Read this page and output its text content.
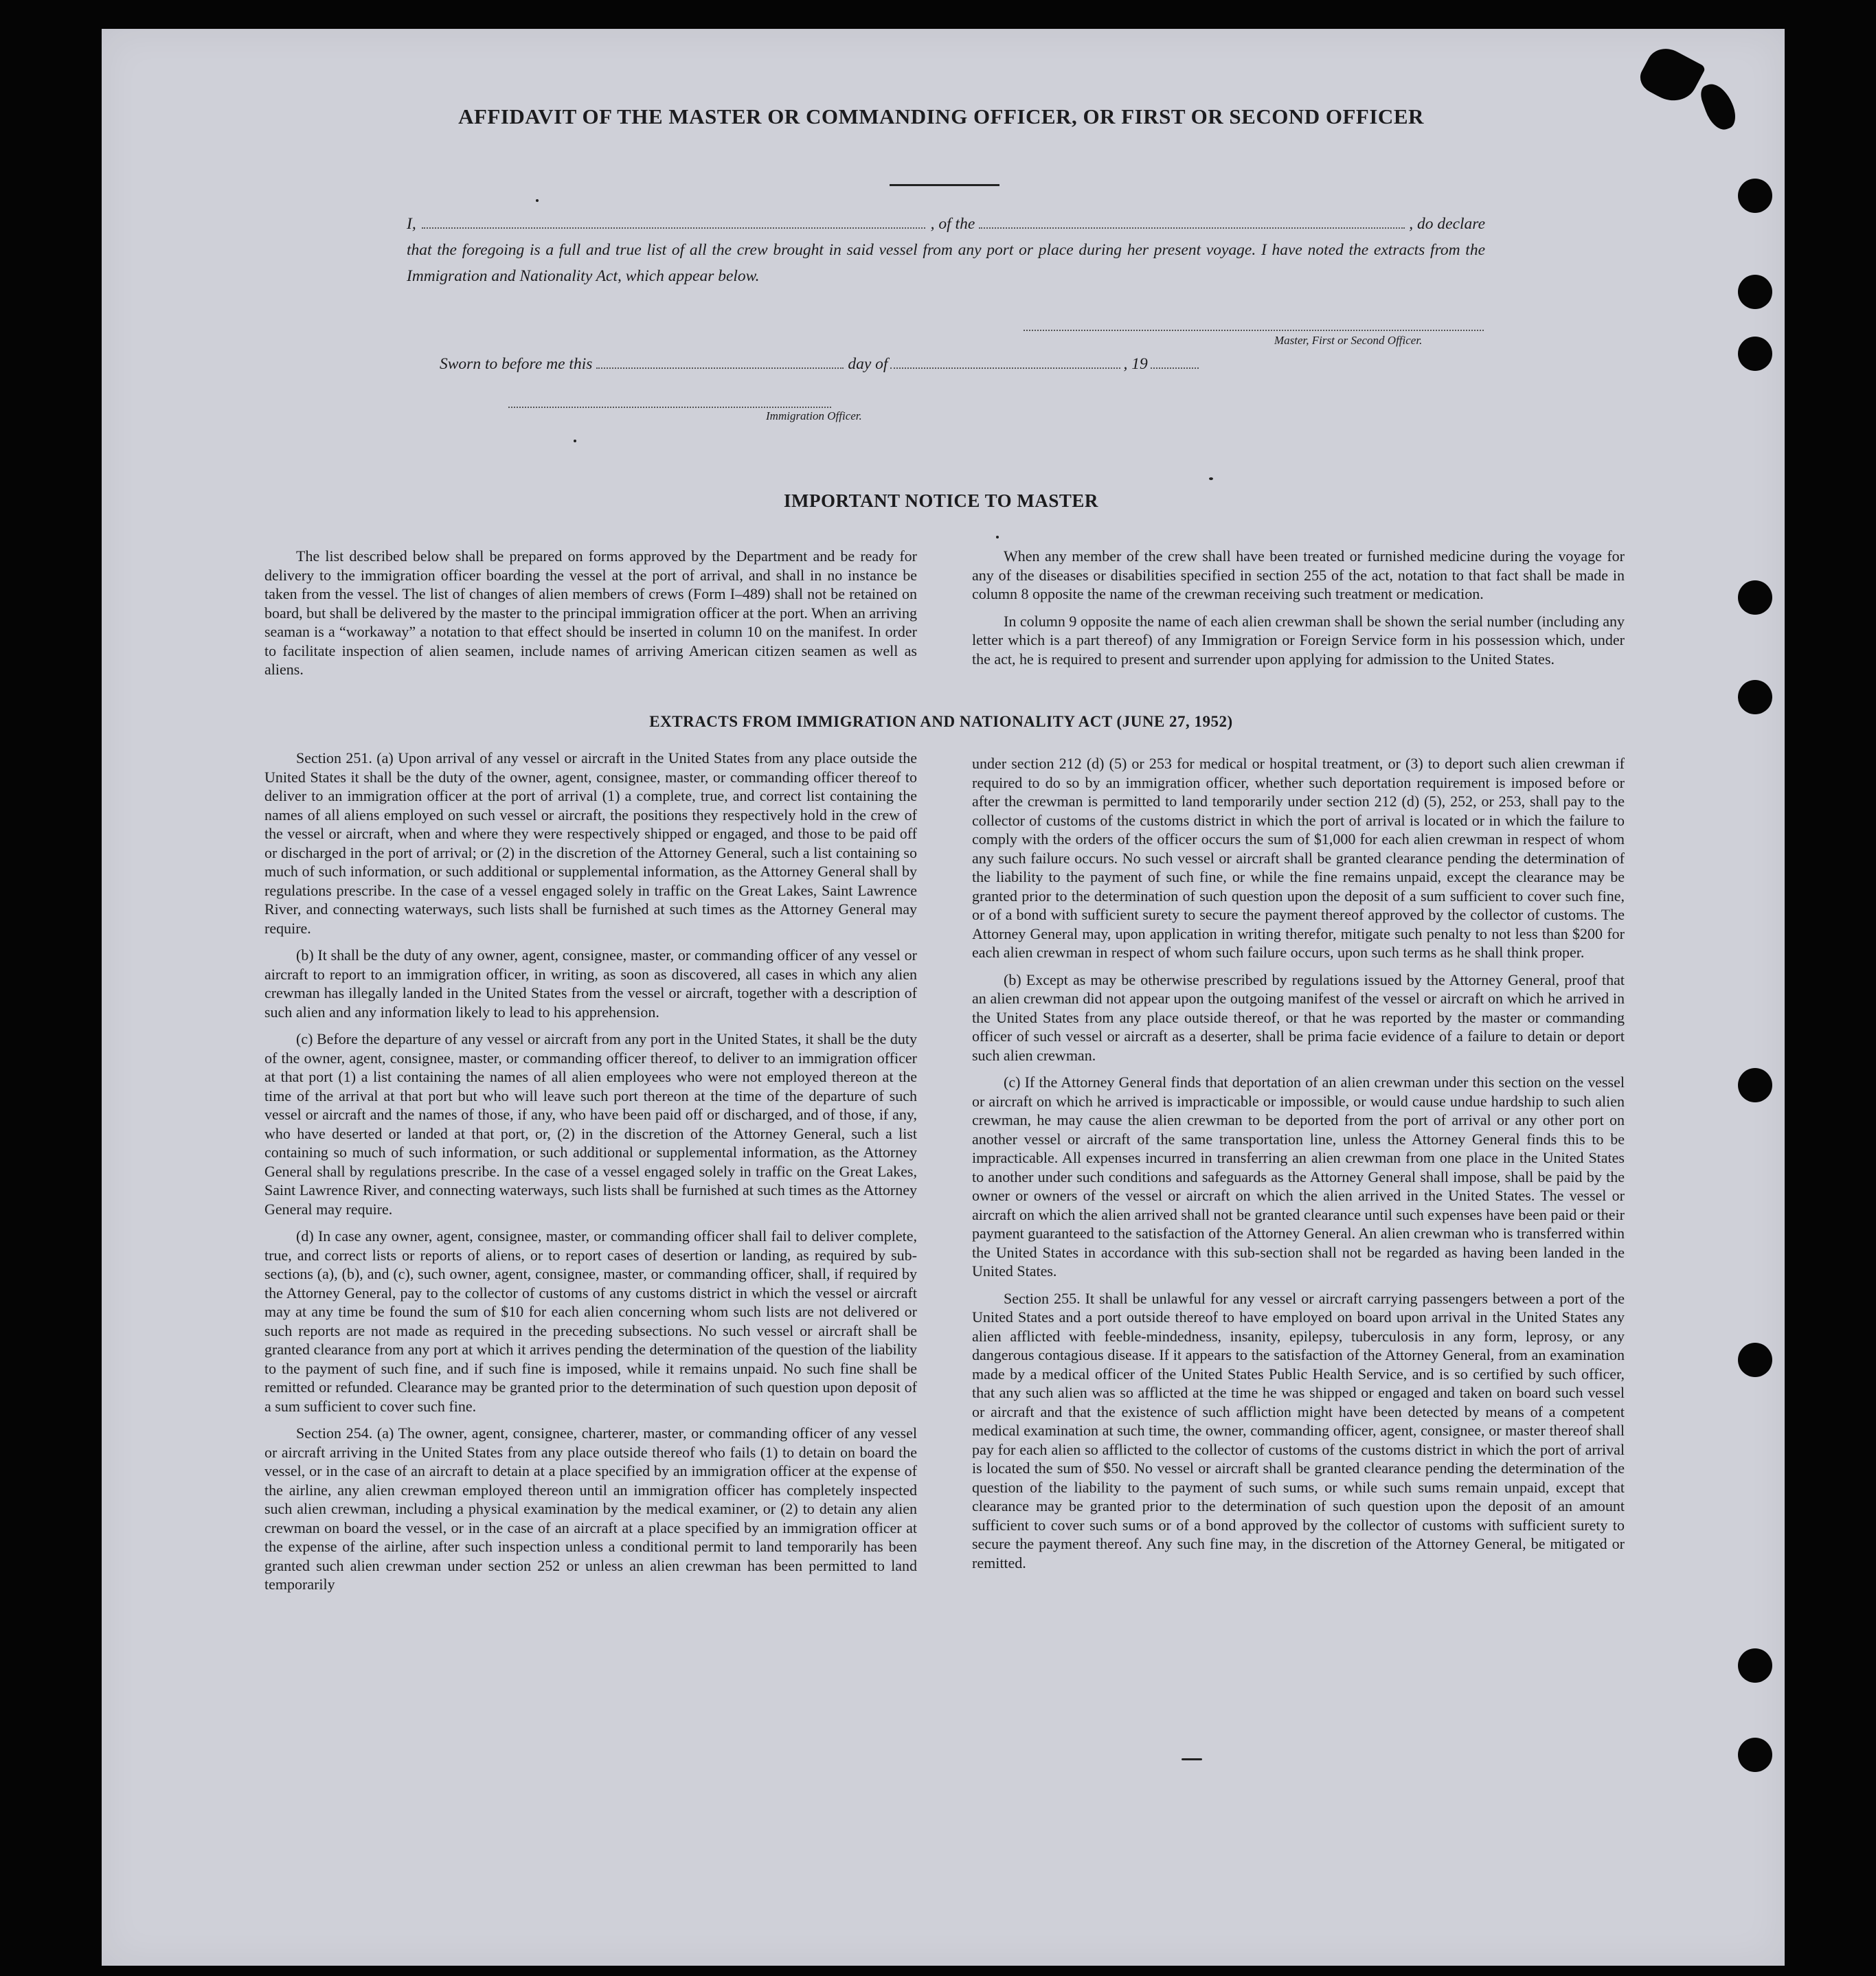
AFFIDAVIT OF THE MASTER OR COMMANDING OFFICER, OR FIRST OR SECOND OFFICER
I,	, of the	, do declare
that the foregoing is a full and true list of all the crew brought in said vessel from any port or place during her present voyage. I have noted the extracts from the Immigration and Nationality Act, which appear below.
Master, First or Second Officer.
Sworn to before me this	day of	, 19
Immigration Officer.
IMPORTANT NOTICE TO MASTER

The list described below shall be prepared on forms approved by the Department and be ready for delivery to the immigration officer boarding the vessel at the port of arrival, and shall in no instance be taken from the vessel. The list of changes of alien members of crews (Form I–489) shall not be retained on board, but shall be delivered by the master to the principal immigration officer at the port. When an arriving seaman is a “workaway” a notation to that effect should be inserted in column 10 on the manifest. In order to facilitate inspection of alien seamen, include names of arriving American citizen seamen as well as aliens.

When any member of the crew shall have been treated or furnished medicine during the voyage for any of the diseases or disabilities specified in section 255 of the act, notation to that fact shall be made in column 8 opposite the name of the crewman receiving such treatment or medication.

In column 9 opposite the name of each alien crewman shall be shown the serial number (including any letter which is a part thereof) of any Immigration or Foreign Service form in his possession which, under the act, he is required to present and surrender upon applying for admission to the United States.

EXTRACTS FROM IMMIGRATION AND NATIONALITY ACT (JUNE 27, 1952)

Section 251. (a) Upon arrival of any vessel or aircraft in the United States from any place outside the United States it shall be the duty of the owner, agent, consignee, master, or commanding officer thereof to deliver to an immigration officer at the port of arrival (1) a complete, true, and correct list containing the names of all aliens employed on such vessel or aircraft, the positions they respectively hold in the crew of the vessel or aircraft, when and where they were respectively shipped or engaged, and those to be paid off or discharged in the port of arrival; or (2) in the discretion of the Attorney General, such a list containing so much of such information, or such additional or supplemental information, as the Attorney General shall by regulations prescribe. In the case of a vessel engaged solely in traffic on the Great Lakes, Saint Lawrence River, and connecting waterways, such lists shall be furnished at such times as the Attorney General may require.

(b) It shall be the duty of any owner, agent, consignee, master, or commanding officer of any vessel or aircraft to report to an immigration officer, in writing, as soon as discovered, all cases in which any alien crewman has illegally landed in the United States from the vessel or aircraft, together with a description of such alien and any information likely to lead to his apprehension.

(c) Before the departure of any vessel or aircraft from any port in the United States, it shall be the duty of the owner, agent, consignee, master, or commanding officer thereof, to deliver to an immigration officer at that port (1) a list containing the names of all alien employees who were not employed thereon at the time of the arrival at that port but who will leave such port thereon at the time of the departure of such vessel or aircraft and the names of those, if any, who have been paid off or discharged, and of those, if any, who have deserted or landed at that port, or, (2) in the discretion of the Attorney General, such a list containing so much of such information, or such additional or supplemental information, as the Attorney General shall by regulations prescribe. In the case of a vessel engaged solely in traffic on the Great Lakes, Saint Lawrence River, and connecting waterways, such lists shall be furnished at such times as the Attorney General may require.

(d) In case any owner, agent, consignee, master, or commanding officer shall fail to deliver complete, true, and correct lists or reports of aliens, or to report cases of desertion or landing, as required by sub-sections (a), (b), and (c), such owner, agent, consignee, master, or commanding officer, shall, if required by the Attorney General, pay to the collector of customs of any customs district in which the vessel or aircraft may at any time be found the sum of $10 for each alien concerning whom such lists are not delivered or such reports are not made as required in the preceding subsections. No such vessel or aircraft shall be granted clearance from any port at which it arrives pending the determination of the question of the liability to the payment of such fine, and if such fine is imposed, while it remains unpaid. No such fine shall be remitted or refunded. Clearance may be granted prior to the determination of such question upon deposit of a sum sufficient to cover such fine.

Section 254. (a) The owner, agent, consignee, charterer, master, or commanding officer of any vessel or aircraft arriving in the United States from any place outside thereof who fails (1) to detain on board the vessel, or in the case of an aircraft to detain at a place specified by an immigration officer at the expense of the airline, any alien crewman employed thereon until an immigration officer has completely inspected such alien crewman, including a physical examination by the medical examiner, or (2) to detain any alien crewman on board the vessel, or in the case of an aircraft at a place specified by an immigration officer at the expense of the airline, after such inspection unless a conditional permit to land temporarily has been granted such alien crewman under section 252 or unless an alien crewman has been permitted to land temporarily

under section 212 (d) (5) or 253 for medical or hospital treatment, or (3) to deport such alien crewman if required to do so by an immigration officer, whether such deportation requirement is imposed before or after the crewman is permitted to land temporarily under section 212 (d) (5), 252, or 253, shall pay to the collector of customs of the customs district in which the port of arrival is located or in which the failure to comply with the orders of the officer occurs the sum of $1,000 for each alien crewman in respect of whom any such failure occurs. No such vessel or aircraft shall be granted clearance pending the determination of the liability to the payment of such fine, or while the fine remains unpaid, except the clearance may be granted prior to the determination of such question upon the deposit of a sum sufficient to cover such fine, or of a bond with sufficient surety to secure the payment thereof approved by the collector of customs. The Attorney General may, upon application in writing therefor, mitigate such penalty to not less than $200 for each alien crewman in respect of whom such failure occurs, upon such terms as he shall think proper.

(b) Except as may be otherwise prescribed by regulations issued by the Attorney General, proof that an alien crewman did not appear upon the outgoing manifest of the vessel or aircraft on which he arrived in the United States from any place outside thereof, or that he was reported by the master or commanding officer of such vessel or aircraft as a deserter, shall be prima facie evidence of a failure to detain or deport such alien crewman.

(c) If the Attorney General finds that deportation of an alien crewman under this section on the vessel or aircraft on which he arrived is impracticable or impossible, or would cause undue hardship to such alien crewman, he may cause the alien crewman to be deported from the port of arrival or any other port on another vessel or aircraft of the same transportation line, unless the Attorney General finds this to be impracticable. All expenses incurred in transferring an alien crewman from one place in the United States to another under such conditions and safeguards as the Attorney General shall impose, shall be paid by the owner or owners of the vessel or aircraft on which the alien arrived in the United States. The vessel or aircraft on which the alien arrived shall not be granted clearance until such expenses have been paid or their payment guaranteed to the satisfaction of the Attorney General. An alien crewman who is transferred within the United States in accordance with this sub-section shall not be regarded as having been landed in the United States.

Section 255. It shall be unlawful for any vessel or aircraft carrying passengers between a port of the United States and a port outside thereof to have employed on board upon arrival in the United States any alien afflicted with feeble-mindedness, insanity, epilepsy, tuberculosis in any form, leprosy, or any dangerous contagious disease. If it appears to the satisfaction of the Attorney General, from an examination made by a medical officer of the United States Public Health Service, and is so certified by such officer, that any such alien was so afflicted at the time he was shipped or engaged and taken on board such vessel or aircraft and that the existence of such affliction might have been detected by means of a competent medical examination at such time, the owner, commanding officer, agent, consignee, or master thereof shall pay for each alien so afflicted to the collector of customs of the customs district in which the port of arrival is located the sum of $50. No vessel or aircraft shall be granted clearance pending the determination of the question of the liability to the payment of such sums, or while such sums remain unpaid, except that clearance may be granted prior to the determination of such question upon the deposit of an amount sufficient to cover such sums or of a bond approved by the collector of customs with sufficient surety to secure the payment thereof. Any such fine may, in the discretion of the Attorney General, be mitigated or remitted.
